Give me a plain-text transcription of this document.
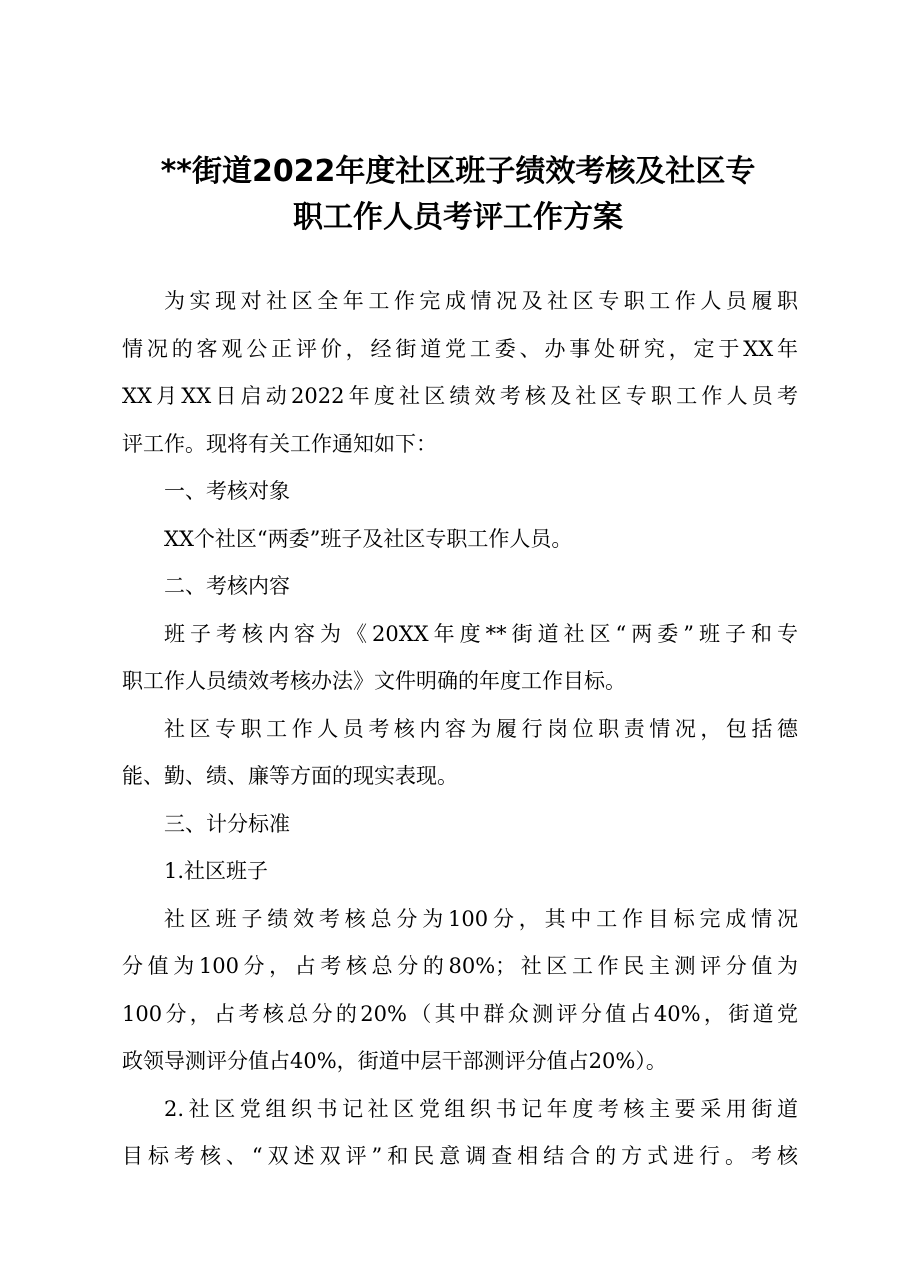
**街道2022年度社区班子绩效考核及社区专
职工作人员考评工作方案
为实现对社区全年工作完成情况及社区专职工作人员履职
情况的客观公正评价，经街道党工委、办事处研究，定于XX年
XX月XX日启动2022年度社区绩效考核及社区专职工作人员考
评工作。现将有关工作通知如下：
一、考核对象
XX个社区“两委”班子及社区专职工作人员。
二、考核内容
班子考核内容为《20XX年度**街道社区“两委”班子和专
职工作人员绩效考核办法》文件明确的年度工作目标。
社区专职工作人员考核内容为履行岗位职责情况，包括德
能、勤、绩、廉等方面的现实表现。
三、计分标准
1.社区班子
社区班子绩效考核总分为100分，其中工作目标完成情况
分值为100分，占考核总分的80%；社区工作民主测评分值为
100分，占考核总分的20%（其中群众测评分值占40%，街道党
政领导测评分值占40%，街道中层干部测评分值占20%）。
2.社区党组织书记社区党组织书记年度考核主要采用街道
目标考核、“双述双评”和民意调查相结合的方式进行。考核
